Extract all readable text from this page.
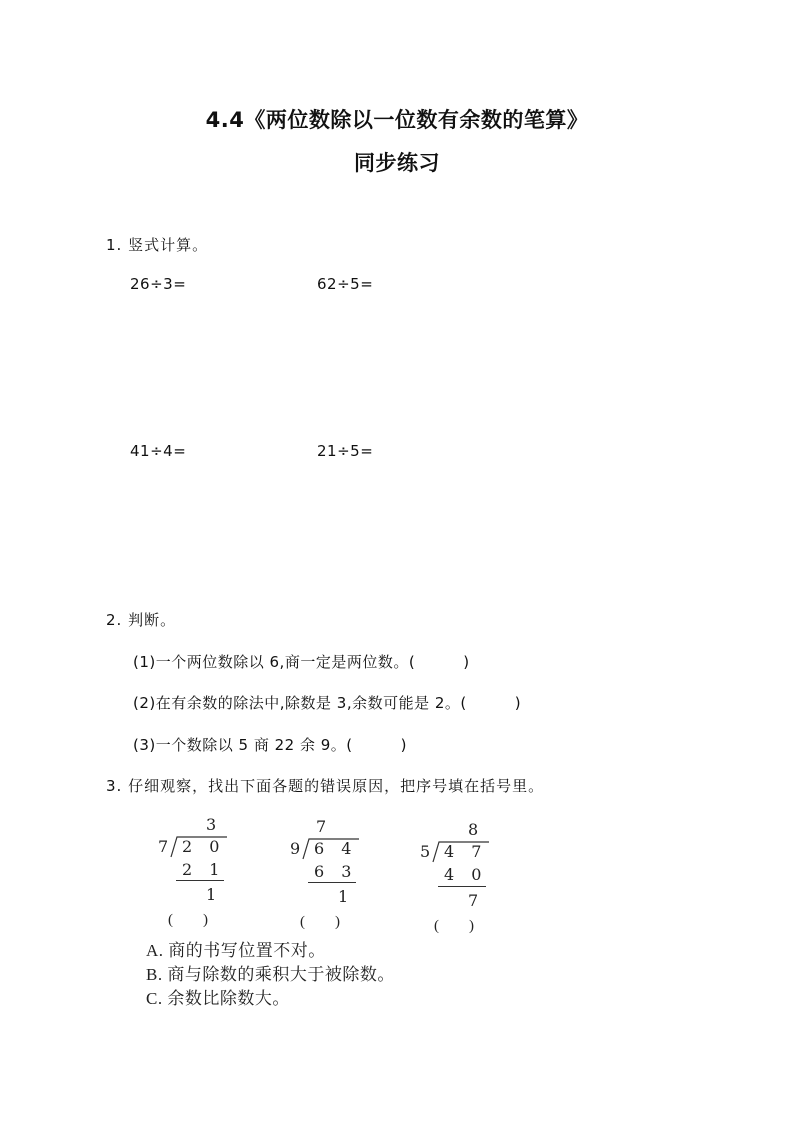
4.4《两位数除以一位数有余数的笔算》
同步练习
1. 竖式计算。
26÷3=	62÷5=
41÷4=	21÷5=
2. 判断。
(1)一个两位数除以 6,商一定是两位数。(	)
(2)在有余数的除法中,除数是 3,余数可能是 2。(	)
(3)一个数除以 5 商 22 余 9。(	)
3. 仔细观察，找出下面各题的错误原因，把序号填在括号里。
3
7 2 0
2 1
1
7
9 6 4
6 3
1
8
5 4 7
4 0
7
(        )	(        )	(        )
A. 商的书写位置不对。
B. 商与除数的乘积大于被除数。
C. 余数比除数大。
